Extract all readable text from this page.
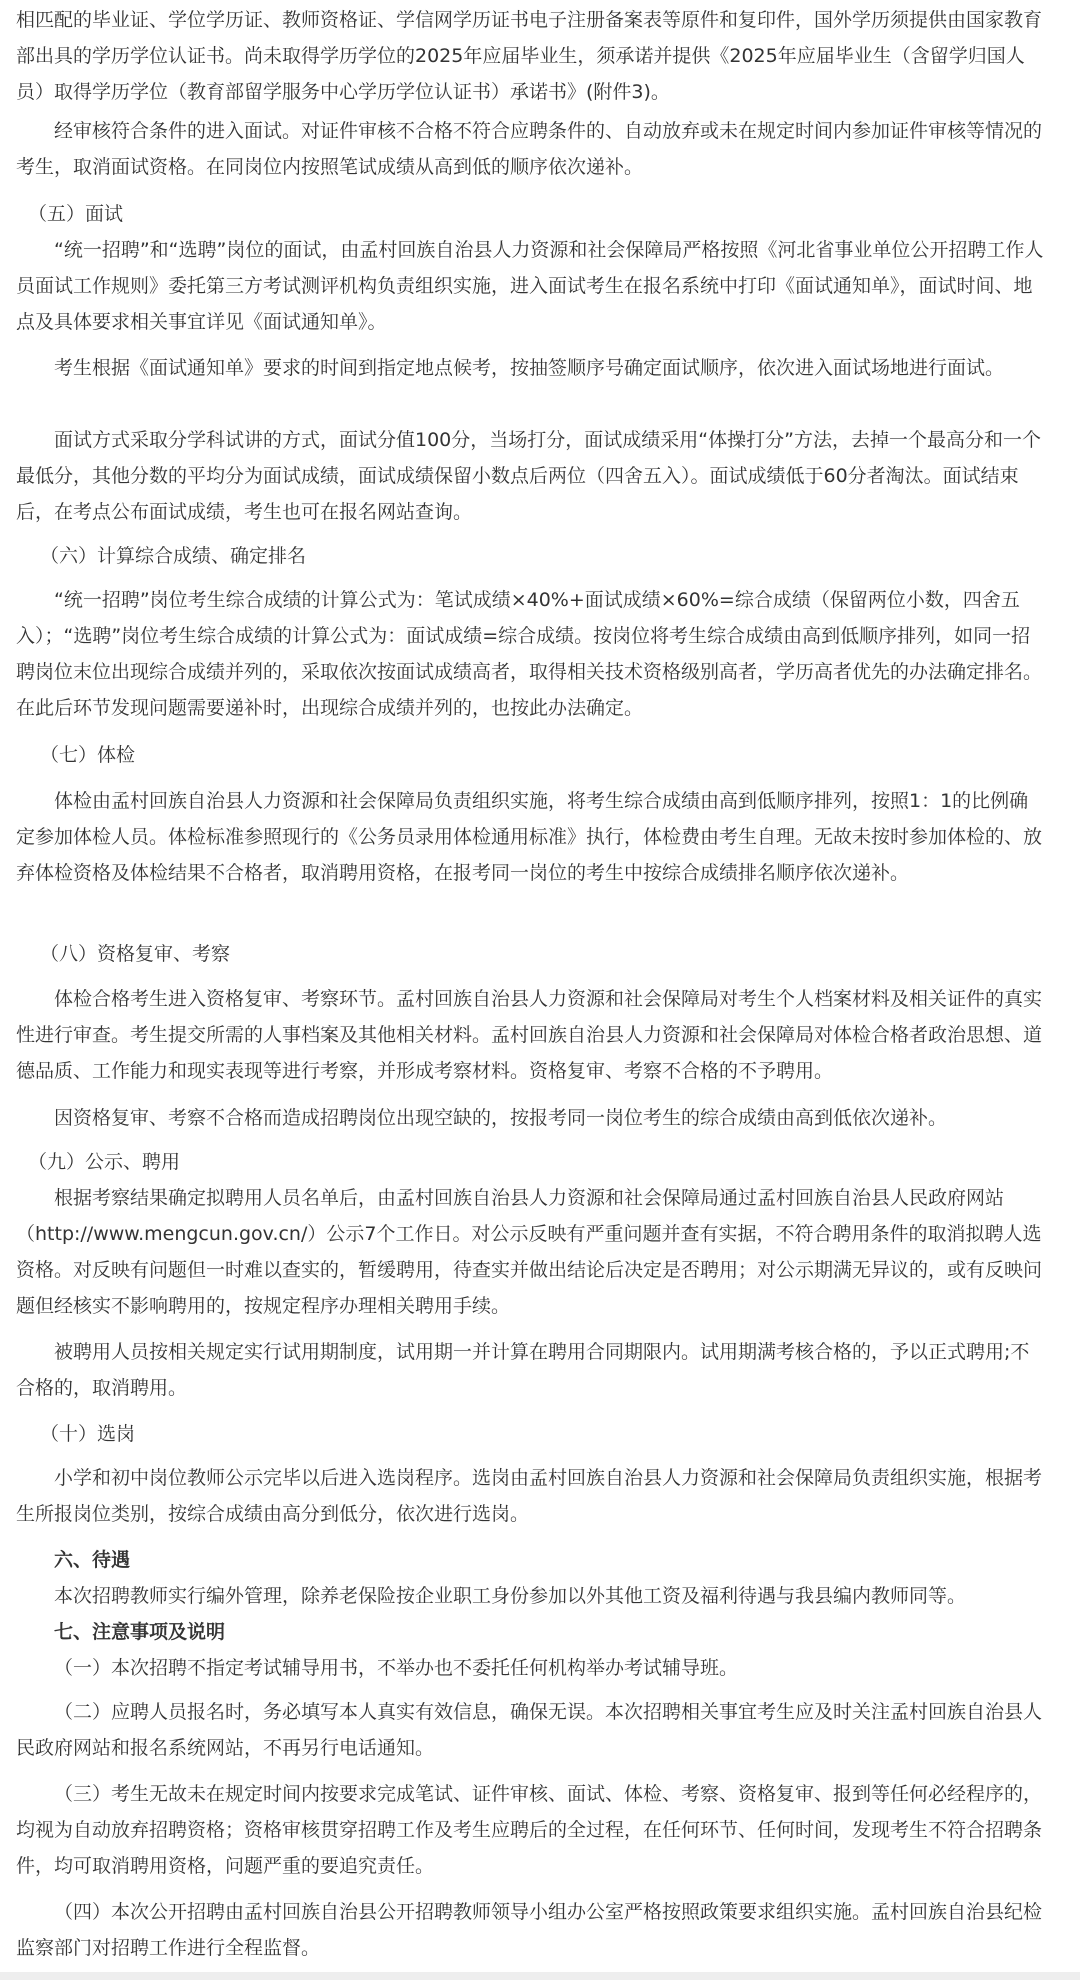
相匹配的毕业证、学位学历证、教师资格证、学信网学历证书电子注册备案表等原件和复印件，国外学历须提供由国家教育部出具的学历学位认证书。尚未取得学历学位的2025年应届毕业生，须承诺并提供《2025年应届毕业生（含留学归国人员）取得学历学位（教育部留学服务中心学历学位认证书）承诺书》(附件3)。

经审核符合条件的进入面试。对证件审核不合格不符合应聘条件的、自动放弃或未在规定时间内参加证件审核等情况的考生，取消面试资格。在同岗位内按照笔试成绩从高到低的顺序依次递补。

（五）面试

“统一招聘”和“选聘”岗位的面试，由孟村回族自治县人力资源和社会保障局严格按照《河北省事业单位公开招聘工作人员面试工作规则》委托第三方考试测评机构负责组织实施，进入面试考生在报名系统中打印《面试通知单》，面试时间、地点及具体要求相关事宜详见《面试通知单》。

考生根据《面试通知单》要求的时间到指定地点候考，按抽签顺序号确定面试顺序，依次进入面试场地进行面试。

面试方式采取分学科试讲的方式，面试分值100分，当场打分，面试成绩采用“体操打分”方法，去掉一个最高分和一个最低分，其他分数的平均分为面试成绩，面试成绩保留小数点后两位（四舍五入）。面试成绩低于60分者淘汰。面试结束后，在考点公布面试成绩，考生也可在报名网站查询。

（六）计算综合成绩、确定排名

“统一招聘”岗位考生综合成绩的计算公式为：笔试成绩×40%+面试成绩×60%=综合成绩（保留两位小数，四舍五入）；“选聘”岗位考生综合成绩的计算公式为：面试成绩=综合成绩。按岗位将考生综合成绩由高到低顺序排列，如同一招聘岗位末位出现综合成绩并列的，采取依次按面试成绩高者，取得相关技术资格级别高者，学历高者优先的办法确定排名。在此后环节发现问题需要递补时，出现综合成绩并列的，也按此办法确定。

（七）体检

体检由孟村回族自治县人力资源和社会保障局负责组织实施，将考生综合成绩由高到低顺序排列，按照1：1的比例确定参加体检人员。体检标准参照现行的《公务员录用体检通用标准》执行，体检费由考生自理。无故未按时参加体检的、放弃体检资格及体检结果不合格者，取消聘用资格，在报考同一岗位的考生中按综合成绩排名顺序依次递补。

（八）资格复审、考察

体检合格考生进入资格复审、考察环节。孟村回族自治县人力资源和社会保障局对考生个人档案材料及相关证件的真实性进行审查。考生提交所需的人事档案及其他相关材料。孟村回族自治县人力资源和社会保障局对体检合格者政治思想、道德品质、工作能力和现实表现等进行考察，并形成考察材料。资格复审、考察不合格的不予聘用。

因资格复审、考察不合格而造成招聘岗位出现空缺的，按报考同一岗位考生的综合成绩由高到低依次递补。

（九）公示、聘用

根据考察结果确定拟聘用人员名单后，由孟村回族自治县人力资源和社会保障局通过孟村回族自治县人民政府网站（http://www.mengcun.gov.cn/）公示7个工作日。对公示反映有严重问题并查有实据，不符合聘用条件的取消拟聘人选资格。对反映有问题但一时难以查实的，暂缓聘用，待查实并做出结论后决定是否聘用；对公示期满无异议的，或有反映问题但经核实不影响聘用的，按规定程序办理相关聘用手续。

被聘用人员按相关规定实行试用期制度，试用期一并计算在聘用合同期限内。试用期满考核合格的，予以正式聘用;不合格的，取消聘用。

（十）选岗

小学和初中岗位教师公示完毕以后进入选岗程序。选岗由孟村回族自治县人力资源和社会保障局负责组织实施，根据考生所报岗位类别，按综合成绩由高分到低分，依次进行选岗。

六、待遇

本次招聘教师实行编外管理，除养老保险按企业职工身份参加以外其他工资及福利待遇与我县编内教师同等。

七、注意事项及说明

（一）本次招聘不指定考试辅导用书，不举办也不委托任何机构举办考试辅导班。

（二）应聘人员报名时，务必填写本人真实有效信息，确保无误。本次招聘相关事宜考生应及时关注孟村回族自治县人民政府网站和报名系统网站，不再另行电话通知。

（三）考生无故未在规定时间内按要求完成笔试、证件审核、面试、体检、考察、资格复审、报到等任何必经程序的，均视为自动放弃招聘资格；资格审核贯穿招聘工作及考生应聘后的全过程，在任何环节、任何时间，发现考生不符合招聘条件，均可取消聘用资格，问题严重的要追究责任。

（四）本次公开招聘由孟村回族自治县公开招聘教师领导小组办公室严格按照政策要求组织实施。孟村回族自治县纪检监察部门对招聘工作进行全程监督。
